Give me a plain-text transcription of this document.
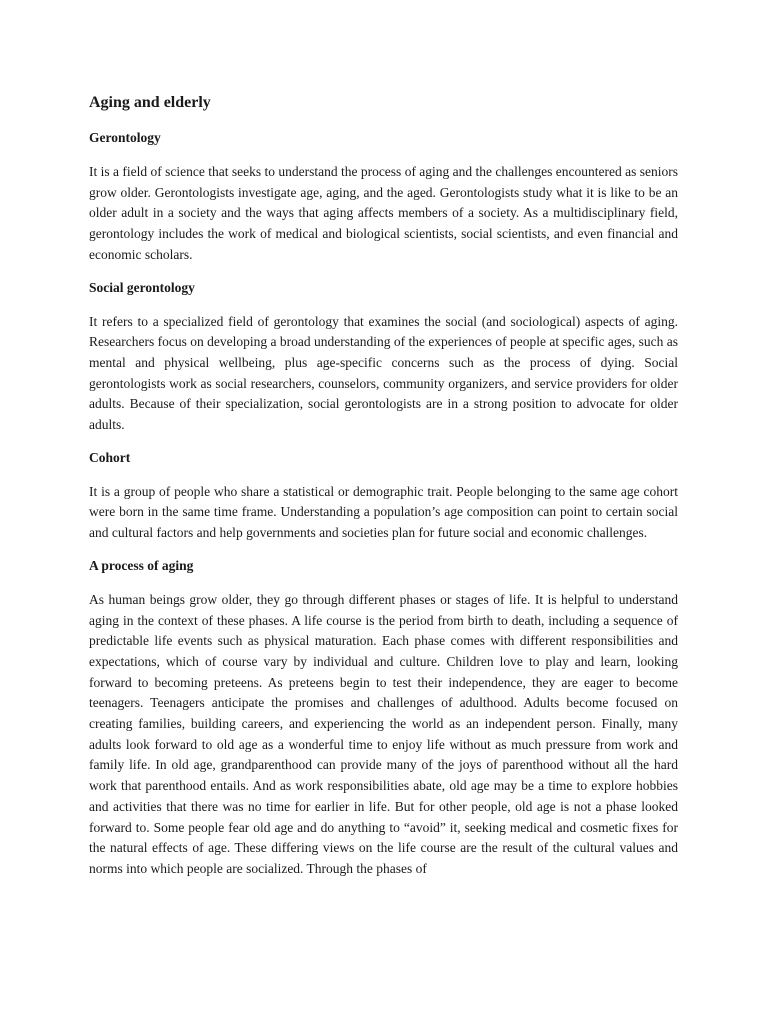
Aging and elderly
Gerontology

It is a field of science that seeks to understand the process of aging and the challenges encountered as seniors grow older. Gerontologists investigate age, aging, and the aged. Gerontologists study what it is like to be an older adult in a society and the ways that aging affects members of a society. As a multidisciplinary field, gerontology includes the work of medical and biological scientists, social scientists, and even financial and economic scholars.

Social gerontology

It refers to a specialized field of gerontology that examines the social (and sociological) aspects of aging. Researchers focus on developing a broad understanding of the experiences of people at specific ages, such as mental and physical wellbeing, plus age-specific concerns such as the process of dying. Social gerontologists work as social researchers, counselors, community organizers, and service providers for older adults. Because of their specialization, social gerontologists are in a strong position to advocate for older adults.

Cohort

It is a group of people who share a statistical or demographic trait. People belonging to the same age cohort were born in the same time frame. Understanding a population’s age composition can point to certain social and cultural factors and help governments and societies plan for future social and economic challenges.

A process of aging

As human beings grow older, they go through different phases or stages of life. It is helpful to understand aging in the context of these phases. A life course is the period from birth to death, including a sequence of predictable life events such as physical maturation. Each phase comes with different responsibilities and expectations, which of course vary by individual and culture. Children love to play and learn, looking forward to becoming preteens. As preteens begin to test their independence, they are eager to become teenagers. Teenagers anticipate the promises and challenges of adulthood. Adults become focused on creating families, building careers, and experiencing the world as an independent person. Finally, many adults look forward to old age as a wonderful time to enjoy life without as much pressure from work and family life. In old age, grandparenthood can provide many of the joys of parenthood without all the hard work that parenthood entails. And as work responsibilities abate, old age may be a time to explore hobbies and activities that there was no time for earlier in life. But for other people, old age is not a phase looked forward to. Some people fear old age and do anything to “avoid” it, seeking medical and cosmetic fixes for the natural effects of age. These differing views on the life course are the result of the cultural values and norms into which people are socialized. Through the phases of
